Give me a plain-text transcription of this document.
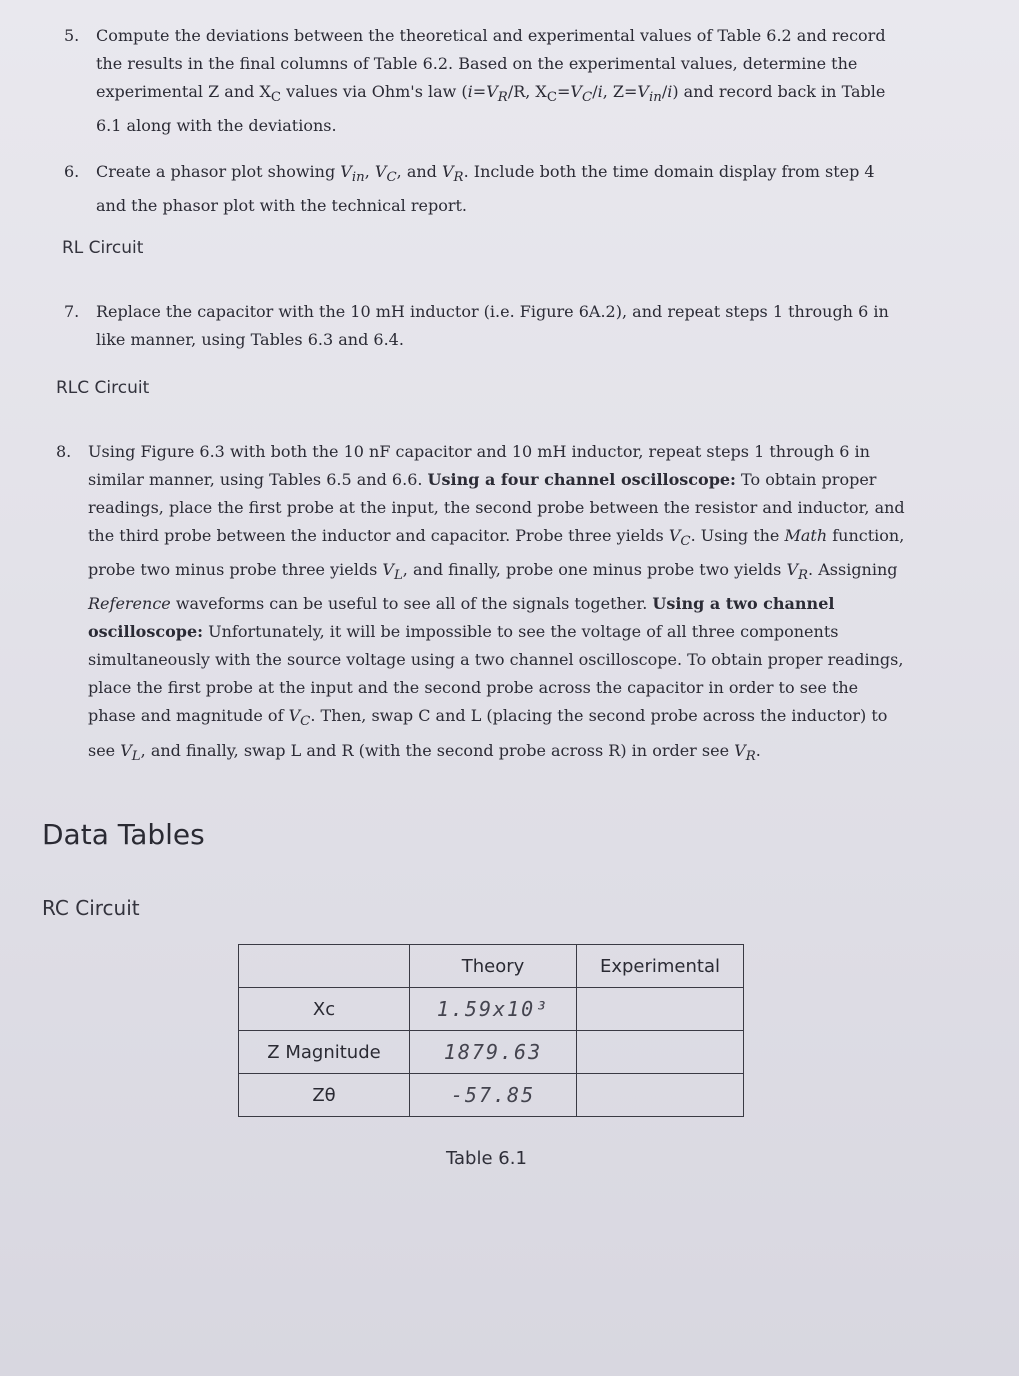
5. Compute the deviations between the theoretical and experimental values of Table 6.2 and record the results in the final columns of Table 6.2. Based on the experimental values, determine the experimental Z and $X_C$ values via Ohm's law ($i=V_R/R$, $X_C=V_C/i$, $Z=V_{in}/i$) and record back in Table 6.1 along with the deviations.
6. Create a phasor plot showing $V_{in}$, $V_C$, and $V_R$. Include both the time domain display from step 4 and the phasor plot with the technical report.
RL Circuit
7. Replace the capacitor with the 10 mH inductor (i.e. Figure 6A.2), and repeat steps 1 through 6 in like manner, using Tables 6.3 and 6.4.
RLC Circuit
8. Using Figure 6.3 with both the 10 nF capacitor and 10 mH inductor, repeat steps 1 through 6 in similar manner, using Tables 6.5 and 6.6. Using a four channel oscilloscope: To obtain proper readings, place the first probe at the input, the second probe between the resistor and inductor, and the third probe between the inductor and capacitor. Probe three yields $V_C$. Using the Math function, probe two minus probe three yields $V_L$, and finally, probe one minus probe two yields $V_R$. Assigning Reference waveforms can be useful to see all of the signals together. Using a two channel oscilloscope: Unfortunately, it will be impossible to see the voltage of all three components simultaneously with the source voltage using a two channel oscilloscope. To obtain proper readings, place the first probe at the input and the second probe across the capacitor in order to see the phase and magnitude of $V_C$. Then, swap C and L (placing the second probe across the inductor) to see $V_L$, and finally, swap L and R (with the second probe across R) in order see $V_R$.
Data Tables
RC Circuit
	Theory	Experimental
Xc	1.59x10³	
Z Magnitude	1879.63	
Zθ	-57.85	
Table 6.1
